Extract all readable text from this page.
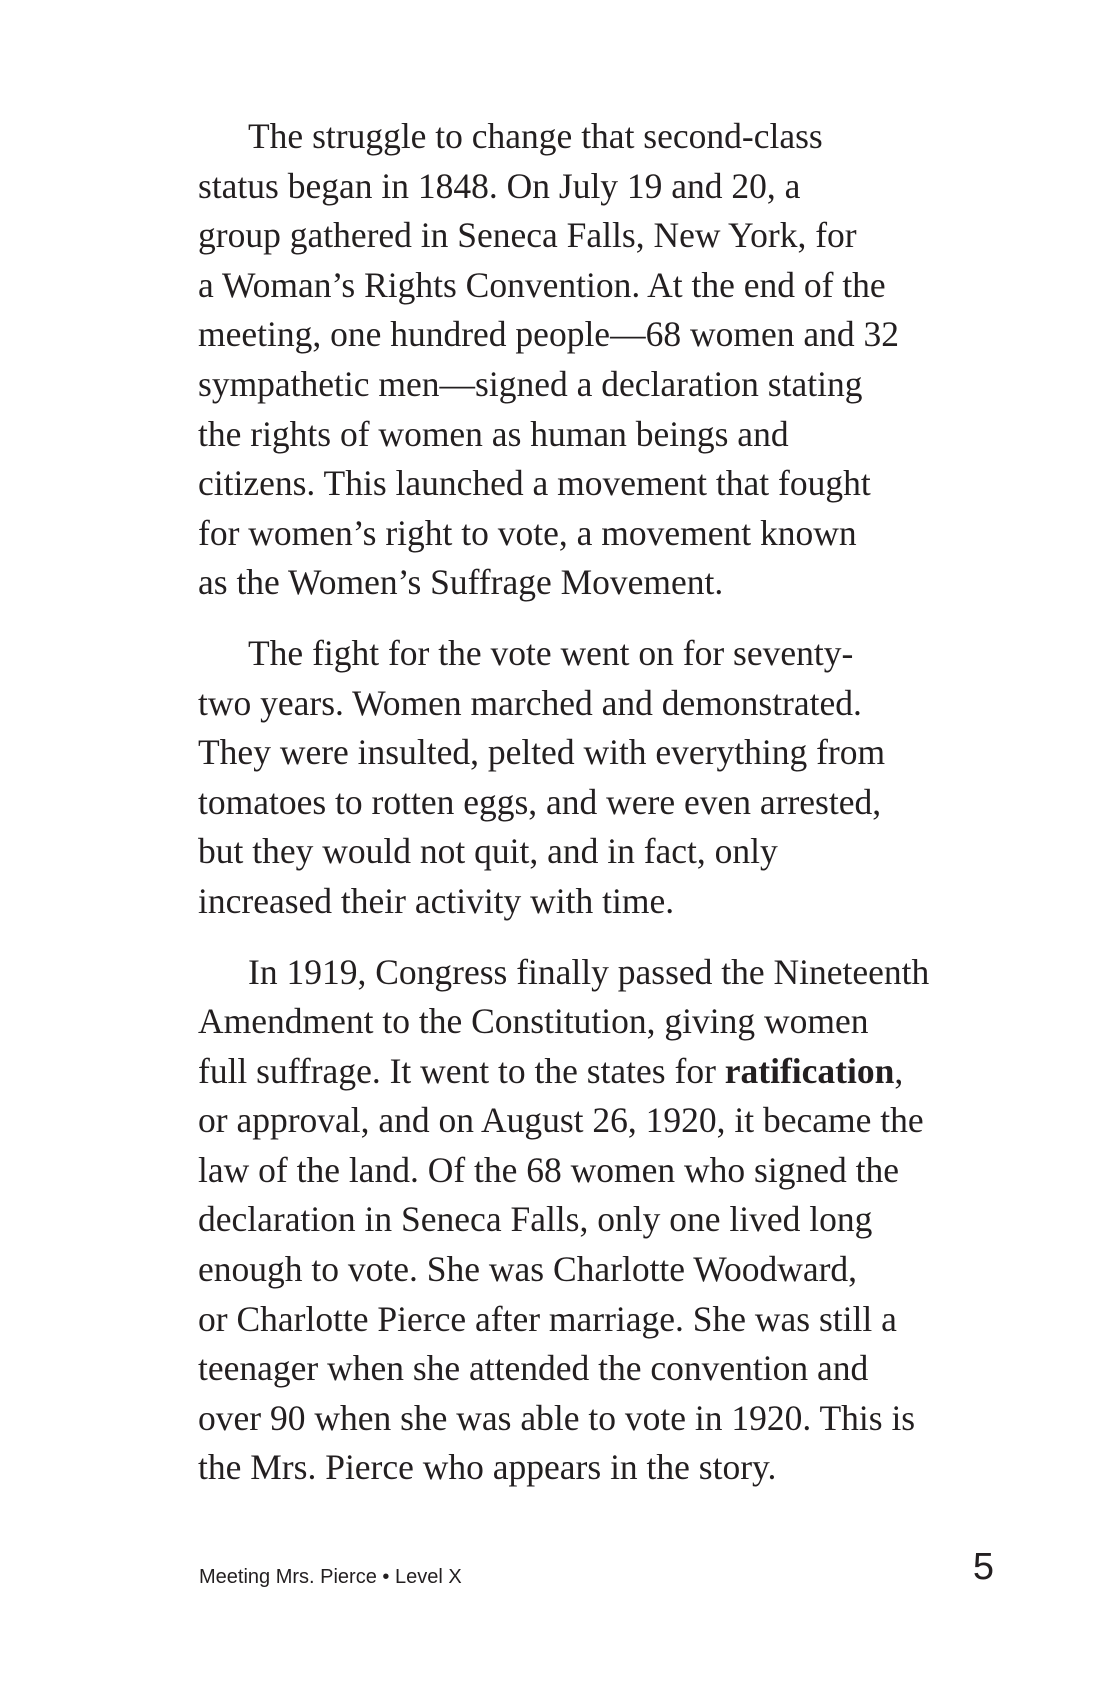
The struggle to change that second-class
status began in 1848. On July 19 and 20, a
group gathered in Seneca Falls, New York, for
a Woman’s Rights Convention. At the end of the
meeting, one hundred people—68 women and 32
sympathetic men—signed a declaration stating
the rights of women as human beings and
citizens. This launched a movement that fought
for women’s right to vote, a movement known
as the Women’s Suffrage Movement.

The fight for the vote went on for seventy-
two years. Women marched and demonstrated.
They were insulted, pelted with everything from
tomatoes to rotten eggs, and were even arrested,
but they would not quit, and in fact, only
increased their activity with time.

In 1919, Congress finally passed the Nineteenth
Amendment to the Constitution, giving women
full suffrage. It went to the states for ratification,
or approval, and on August 26, 1920, it became the
law of the land. Of the 68 women who signed the
declaration in Seneca Falls, only one lived long
enough to vote. She was Charlotte Woodward,
or Charlotte Pierce after marriage. She was still a
teenager when she attended the convention and
over 90 when she was able to vote in 1920. This is
the Mrs. Pierce who appears in the story.

Meeting Mrs. Pierce • Level X	5
